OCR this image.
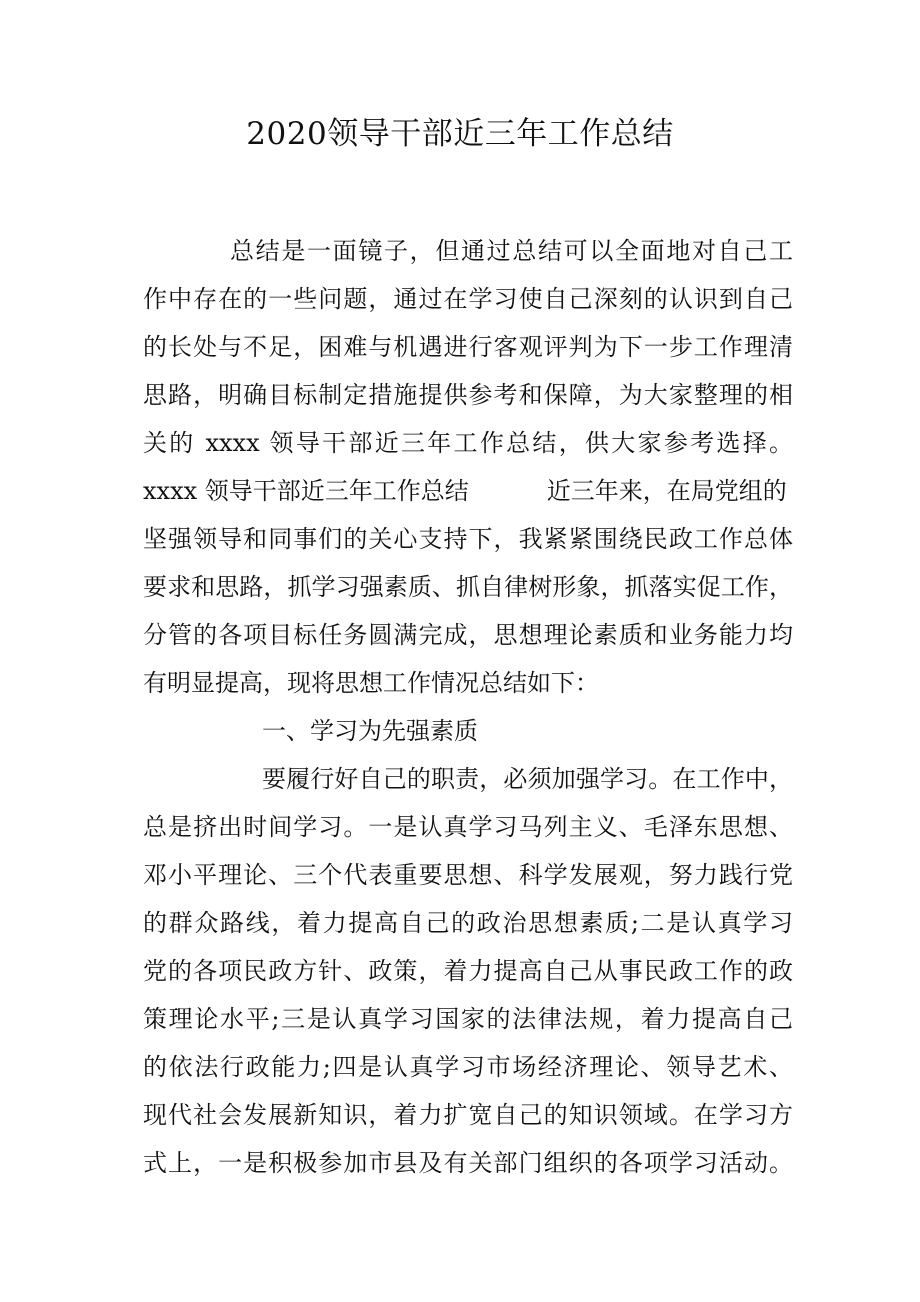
2020领导干部近三年工作总结
总结是一面镜子，但通过总结可以全面地对自己工
作中存在的一些问题，通过在学习使自己深刻的认识到自己
的长处与不足，困难与机遇进行客观评判为下一步工作理清
思路，明确目标制定措施提供参考和保障，为大家整理的相
关的 xxxx 领导干部近三年工作总结，供大家参考选择。
xxxx 领导干部近三年工作总结	近三年来，在局党组的
坚强领导和同事们的关心支持下，我紧紧围绕民政工作总体
要求和思路，抓学习强素质、抓自律树形象，抓落实促工作，
分管的各项目标任务圆满完成，思想理论素质和业务能力均
有明显提高，现将思想工作情况总结如下：
一、学习为先强素质
要履行好自己的职责，必须加强学习。在工作中，
总是挤出时间学习。一是认真学习马列主义、毛泽东思想、
邓小平理论、三个代表重要思想、科学发展观，努力践行党
的群众路线，着力提高自己的政治思想素质;二是认真学习
党的各项民政方针、政策，着力提高自己从事民政工作的政
策理论水平;三是认真学习国家的法律法规，着力提高自己
的依法行政能力;四是认真学习市场经济理论、领导艺术、
现代社会发展新知识，着力扩宽自己的知识领域。在学习方
式上，一是积极参加市县及有关部门组织的各项学习活动。
